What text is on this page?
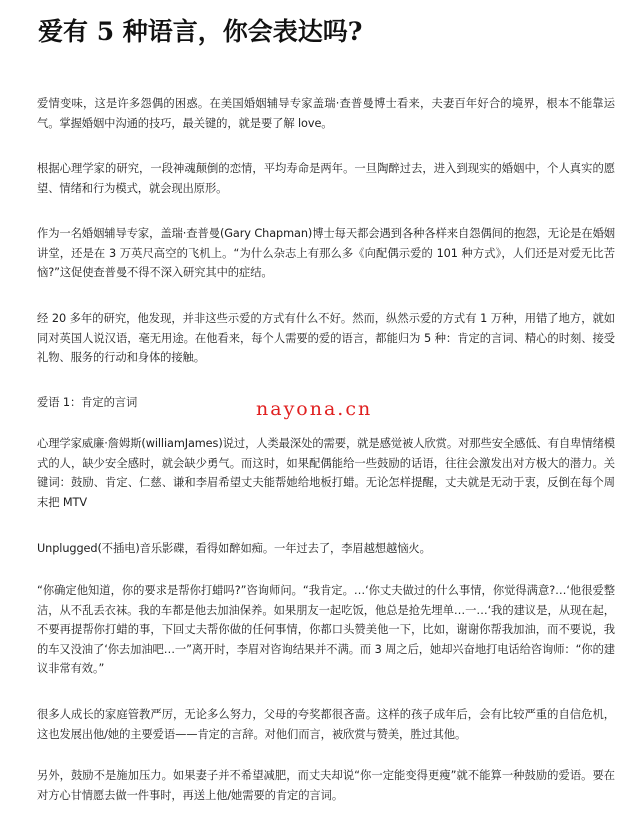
爱有 5 种语言，你会表达吗?

爱情变味，这是许多怨偶的困惑。在美国婚姻辅导专家盖瑞·查普曼博士看来，夫妻百年好合的境界，根本不能靠运气。掌握婚姻中沟通的技巧，最关键的，就是要了解 love。

根据心理学家的研究，一段神魂颠倒的恋情，平均寿命是两年。一旦陶醉过去，进入到现实的婚姻中，个人真实的愿望、情绪和行为模式，就会现出原形。

作为一名婚姻辅导专家，盖瑞·查普曼(Gary Chapman)博士每天都会遇到各种各样来自怨偶间的抱怨，无论是在婚姻讲堂，还是在 3 万英尺高空的飞机上。“为什么杂志上有那么多《向配偶示爱的 101 种方式》，人们还是对爱无比苦恼?”这促使查普曼不得不深入研究其中的症结。

经 20 多年的研究，他发现，并非这些示爱的方式有什么不好。然而，纵然示爱的方式有 1 万种，用错了地方，就如同对英国人说汉语，毫无用途。在他看来，每个人需要的爱的语言，都能归为 5 种：肯定的言词、精心的时刻、接受礼物、服务的行动和身体的接触。

爱语 1：肯定的言词	nayona.cn

心理学家威廉·詹姆斯(williamJames)说过，人类最深处的需要，就是感觉被人欣赏。对那些安全感低、有自卑情绪模式的人，缺少安全感时，就会缺少勇气。而这时，如果配偶能给一些鼓励的话语，往往会激发出对方极大的潜力。关键词：鼓励、肯定、仁慈、谦和李眉希望丈夫能帮她给地板打蜡。无论怎样提醒，丈夫就是无动于衷，反倒在每个周末把 MTV

Unplugged(不插电)音乐影碟，看得如醉如痴。一年过去了，李眉越想越恼火。

“你确定他知道，你的要求是帮你打蜡吗?”咨询师问。“我肯定。…‘你丈夫做过的什么事情，你觉得满意?…‘他很爱整洁，从不乱丢衣袜。我的车都是他去加油保养。如果朋友一起吃饭，他总是抢先埋单…一…‘我的建议是，从现在起，不要再提帮你打蜡的事，下回丈夫帮你做的任何事情，你都口头赞美他一下，比如，谢谢你帮我加油，而不要说，我的车又没油了‘你去加油吧…一”离开时，李眉对咨询结果并不满。而 3 周之后，她却兴奋地打电话给咨询师：“你的建议非常有效。”

很多人成长的家庭管教严厉，无论多么努力，父母的夸奖都很吝啬。这样的孩子成年后，会有比较严重的自信危机，这也发展出他/她的主要爱语——肯定的言辞。对他们而言，被欣赏与赞美，胜过其他。

另外，鼓励不是施加压力。如果妻子并不希望减肥，而丈夫却说“你一定能变得更瘦”就不能算一种鼓励的爱语。要在对方心甘情愿去做一件事时，再送上他/她需要的肯定的言词。
